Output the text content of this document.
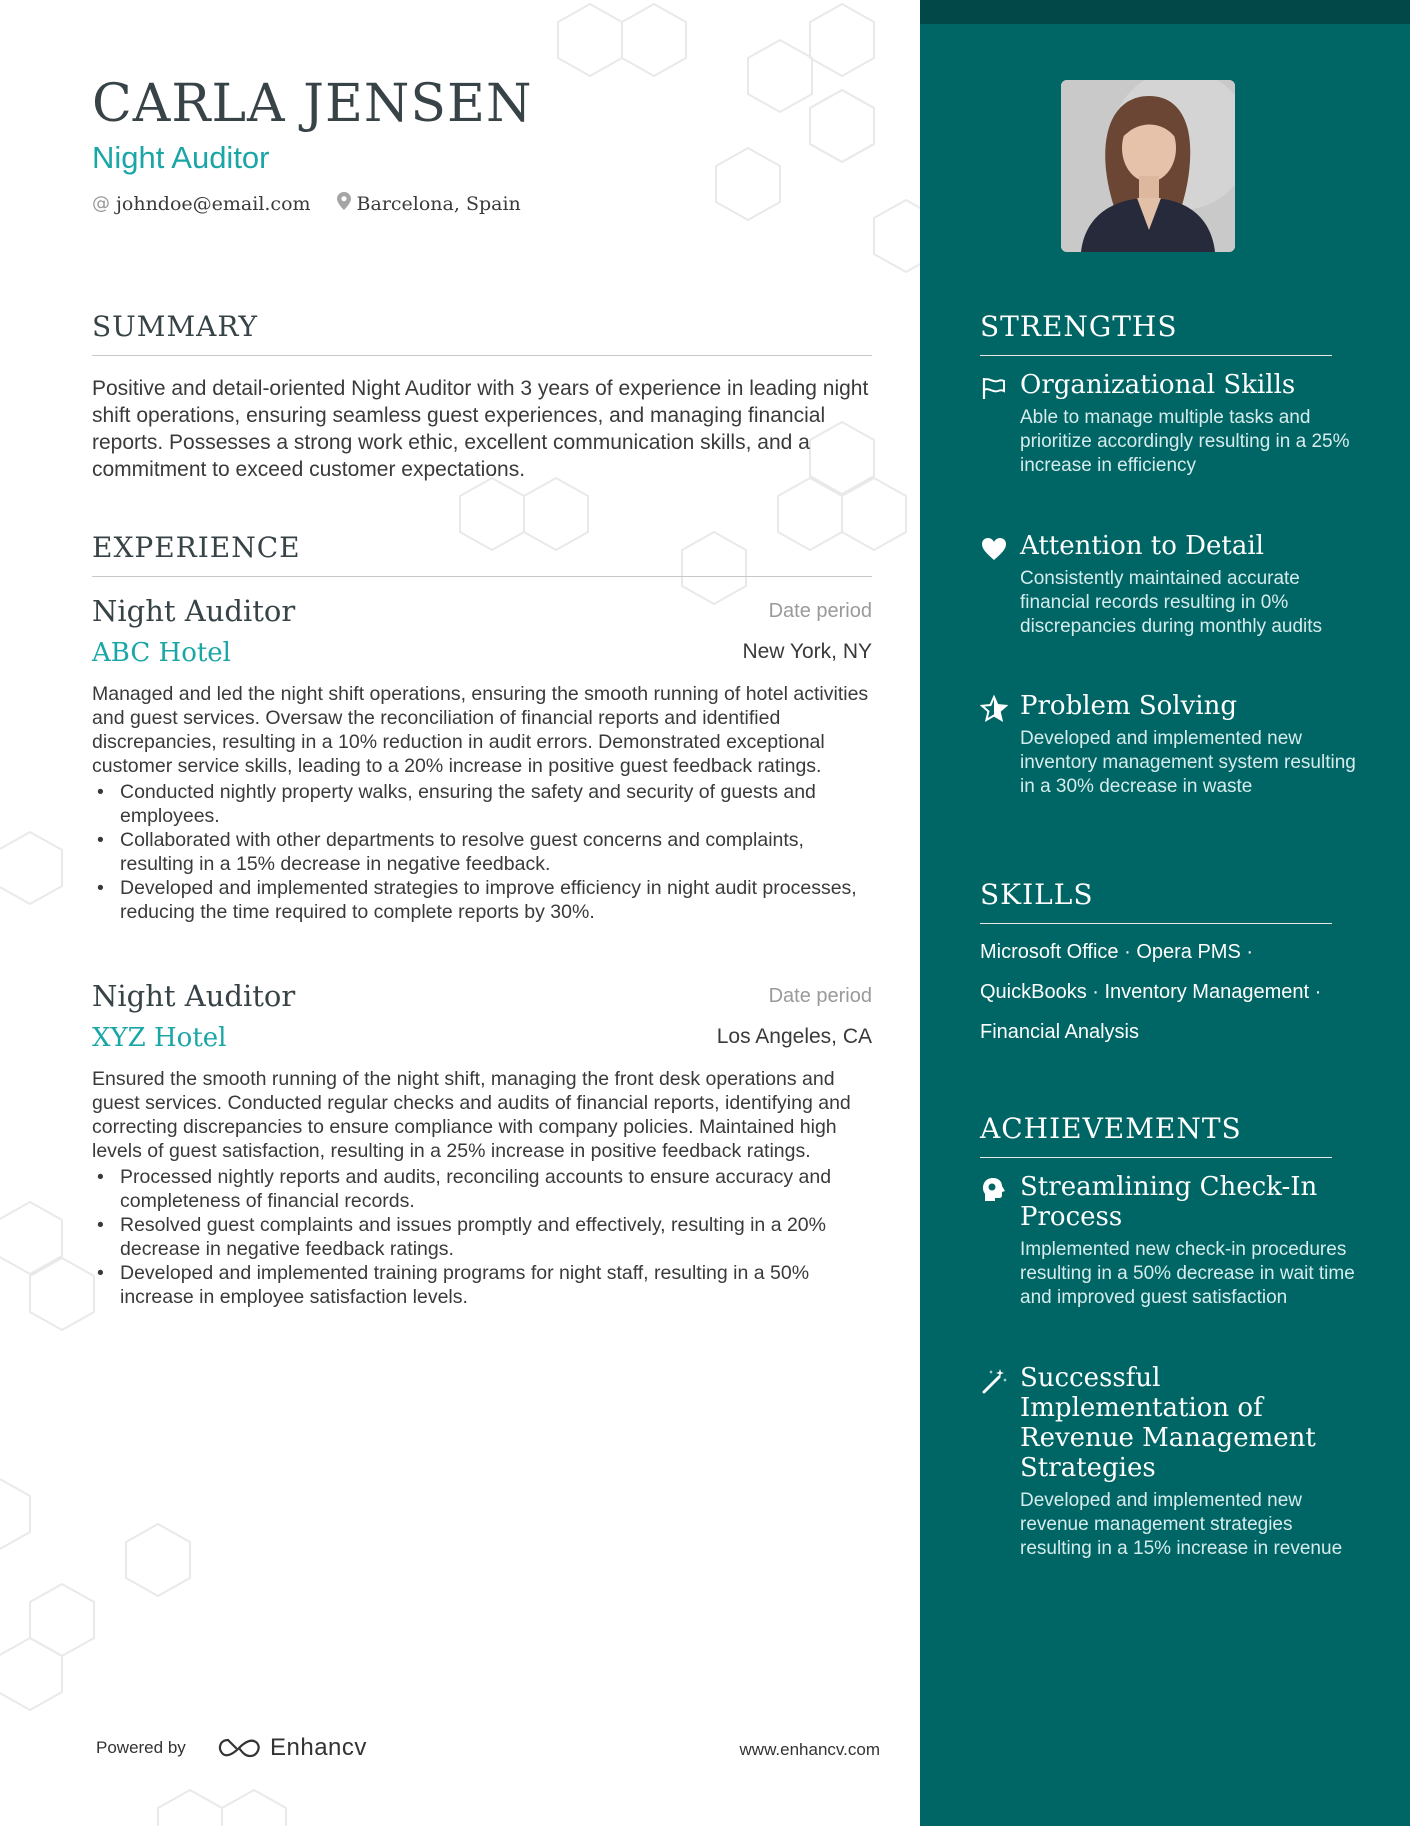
CARLA JENSEN
Night Auditor
@ johndoe@email.com Barcelona, Spain
SUMMARY

Positive and detail-oriented Night Auditor with 3 years of experience in leading night shift operations, ensuring seamless guest experiences, and managing financial reports. Possesses a strong work ethic, excellent communication skills, and a commitment to exceed customer expectations.

EXPERIENCE
Night Auditor	Date period
ABC Hotel	New York, NY

Managed and led the night shift operations, ensuring the smooth running of hotel activities and guest services. Oversaw the reconciliation of financial reports and identified discrepancies, resulting in a 10% reduction in audit errors. Demonstrated exceptional customer service skills, leading to a 20% increase in positive guest feedback ratings.

• Conducted nightly property walks, ensuring the safety and security of guests and employees.
• Collaborated with other departments to resolve guest concerns and complaints, resulting in a 15% decrease in negative feedback.
• Developed and implemented strategies to improve efficiency in night audit processes, reducing the time required to complete reports by 30%.
Night Auditor	Date period
XYZ Hotel	Los Angeles, CA

Ensured the smooth running of the night shift, managing the front desk operations and guest services. Conducted regular checks and audits of financial reports, identifying and correcting discrepancies to ensure compliance with company policies. Maintained high levels of guest satisfaction, resulting in a 25% increase in positive feedback ratings.

• Processed nightly reports and audits, reconciling accounts to ensure accuracy and completeness of financial records.
• Resolved guest complaints and issues promptly and effectively, resulting in a 20% decrease in negative feedback ratings.
• Developed and implemented training programs for night staff, resulting in a 50% increase in employee satisfaction levels.
Powered by	Enhancv	www.enhancv.com
STRENGTHS
Organizational Skills

Able to manage multiple tasks and prioritize accordingly resulting in a 25% increase in efficiency

Attention to Detail

Consistently maintained accurate financial records resulting in 0% discrepancies during monthly audits

Problem Solving

Developed and implemented new inventory management system resulting in a 30% decrease in waste

SKILLS
Microsoft Office · Opera PMS ·
QuickBooks · Inventory Management ·
Financial Analysis
ACHIEVEMENTS
Streamlining Check-In Process

Implemented new check-in procedures resulting in a 50% decrease in wait time and improved guest satisfaction

Successful Implementation of Revenue Management Strategies

Developed and implemented new revenue management strategies resulting in a 15% increase in revenue
